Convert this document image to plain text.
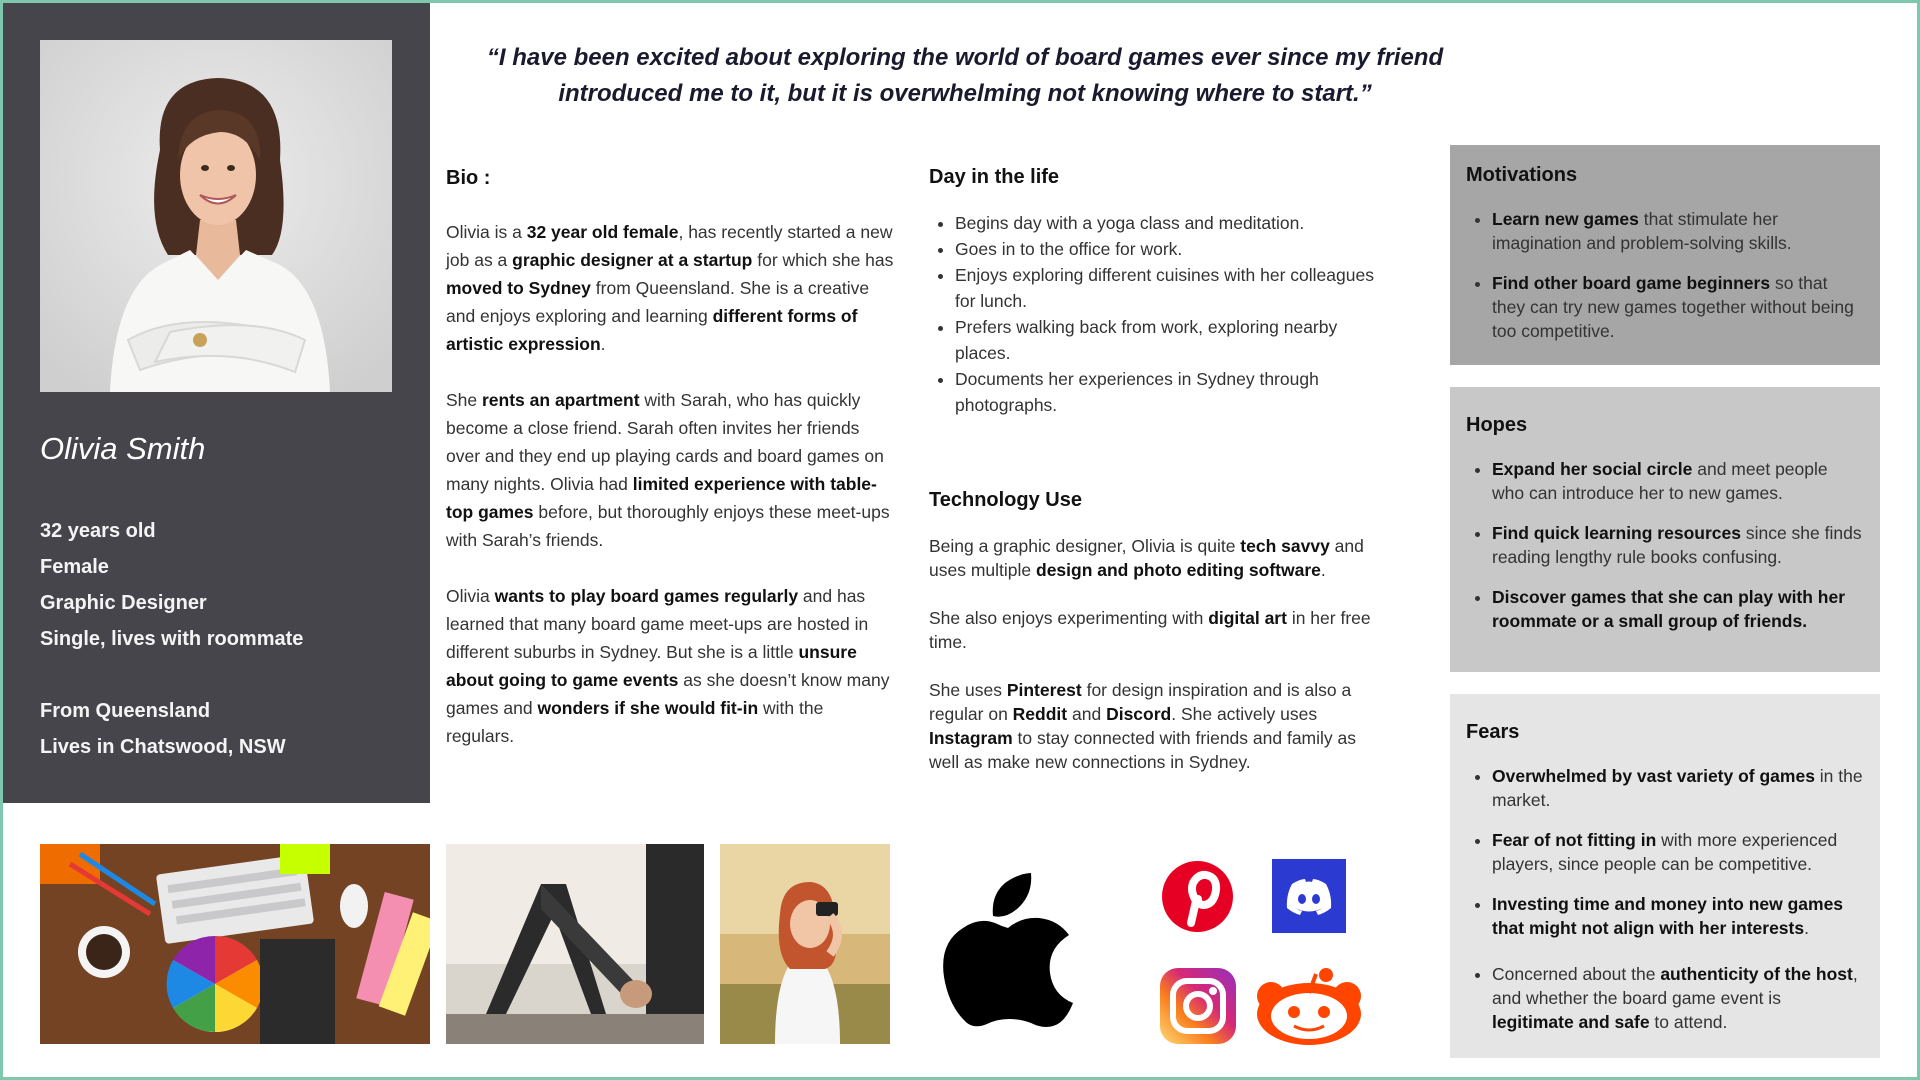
Olivia Smith
32 years old
Female
Graphic Designer
Single, lives with roommate
From Queensland
Lives in Chatswood, NSW
“I have been excited about exploring the world of board games ever since my friend introduced me to it, but it is overwhelming not knowing where to start.”

Bio :

Olivia is a 32 year old female, has recently started a new job as a graphic designer at a startup for which she has moved to Sydney from Queensland. She is a creative and enjoys exploring and learning different forms of artistic expression.

She rents an apartment with Sarah, who has quickly become a close friend. Sarah often invites her friends over and they end up playing cards and board games on many nights. Olivia had limited experience with table-top games before, but thoroughly enjoys these meet-ups with Sarah’s friends.

Olivia wants to play board games regularly and has learned that many board game meet-ups are hosted in different suburbs in Sydney. But she is a little unsure about going to game events as she doesn’t know many games and wonders if she would fit-in with the regulars.

Day in the life

• Begins day with a yoga class and meditation.
• Goes in to the office for work.
• Enjoys exploring different cuisines with her colleagues for lunch.
• Prefers walking back from work, exploring nearby places.
• Documents her experiences in Sydney through photographs.

Technology Use

Being a graphic designer, Olivia is quite tech savvy and uses multiple design and photo editing software.

She also enjoys experimenting with digital art in her free time.

She uses Pinterest for design inspiration and is also a regular on Reddit and Discord. She actively uses Instagram to stay connected with friends and family as well as make new connections in Sydney.

Motivations

• Learn new games that stimulate her imagination and problem-solving skills.
• Find other board game beginners so that they can try new games together without being too competitive.

Hopes

• Expand her social circle and meet people who can introduce her to new games.
• Find quick learning resources since she finds reading lengthy rule books confusing.
• Discover games that she can play with her roommate or a small group of friends.

Fears

• Overwhelmed by vast variety of games in the market.
• Fear of not fitting in with more experienced players, since people can be competitive.
• Investing time and money into new games that might not align with her interests.
• Concerned about the authenticity of the host, and whether the board game event is legitimate and safe to attend.
